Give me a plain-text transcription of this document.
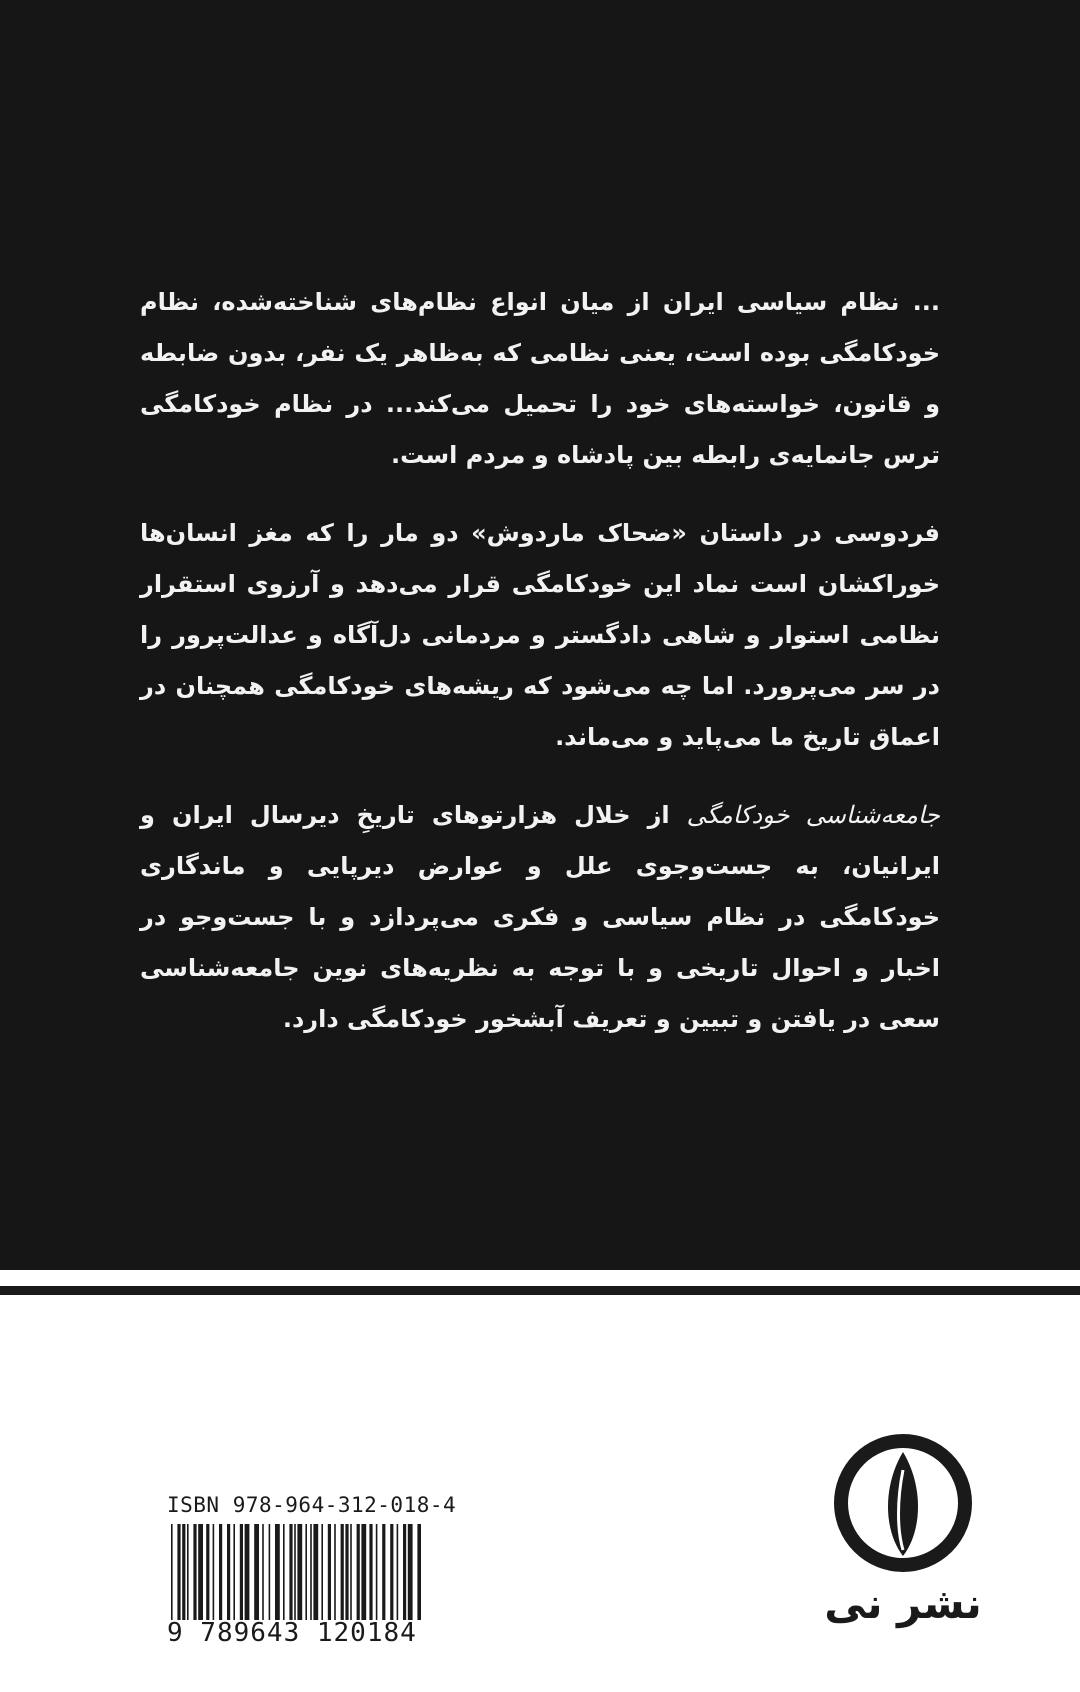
... نظام سیاسی ایران از میان انواع نظام‌های شناخته‌شده، نظام خودکامگی بوده است، یعنی نظامی که به‌ظاهر یک نفر، بدون ضابطه و قانون، خواسته‌های خود را تحمیل می‌کند... در نظام خودکامگی ترس جانمایه‌ی رابطه بین پادشاه و مردم است.

فردوسی در داستان «ضحاک ماردوش» دو مار را که مغز انسان‌ها خوراکشان است نماد این خودکامگی قرار می‌دهد و آرزوی استقرار نظامی استوار و شاهی دادگستر و مردمانی دل‌آگاه و عدالت‌پرور را در سر می‌پرورد. اما چه می‌شود که ریشه‌های خودکامگی همچنان در اعماق تاریخ ما می‌پاید و می‌ماند.

جامعه‌شناسی خودکامگی از خلال هزارتوهای تاریخِ دیرسال ایران و ایرانیان، به جست‌وجوی علل و عوارض دیرپایی و ماندگاری خودکامگی در نظام سیاسی و فکری می‌پردازد و با جست‌وجو در اخبار و احوال تاریخی و با توجه به نظریه‌های نوین جامعه‌شناسی سعی در یافتن و تبیین و تعریف آبشخور خودکامگی دارد.

ISBN 978-964-312-018-4
9 789643 120184
نشر نی
